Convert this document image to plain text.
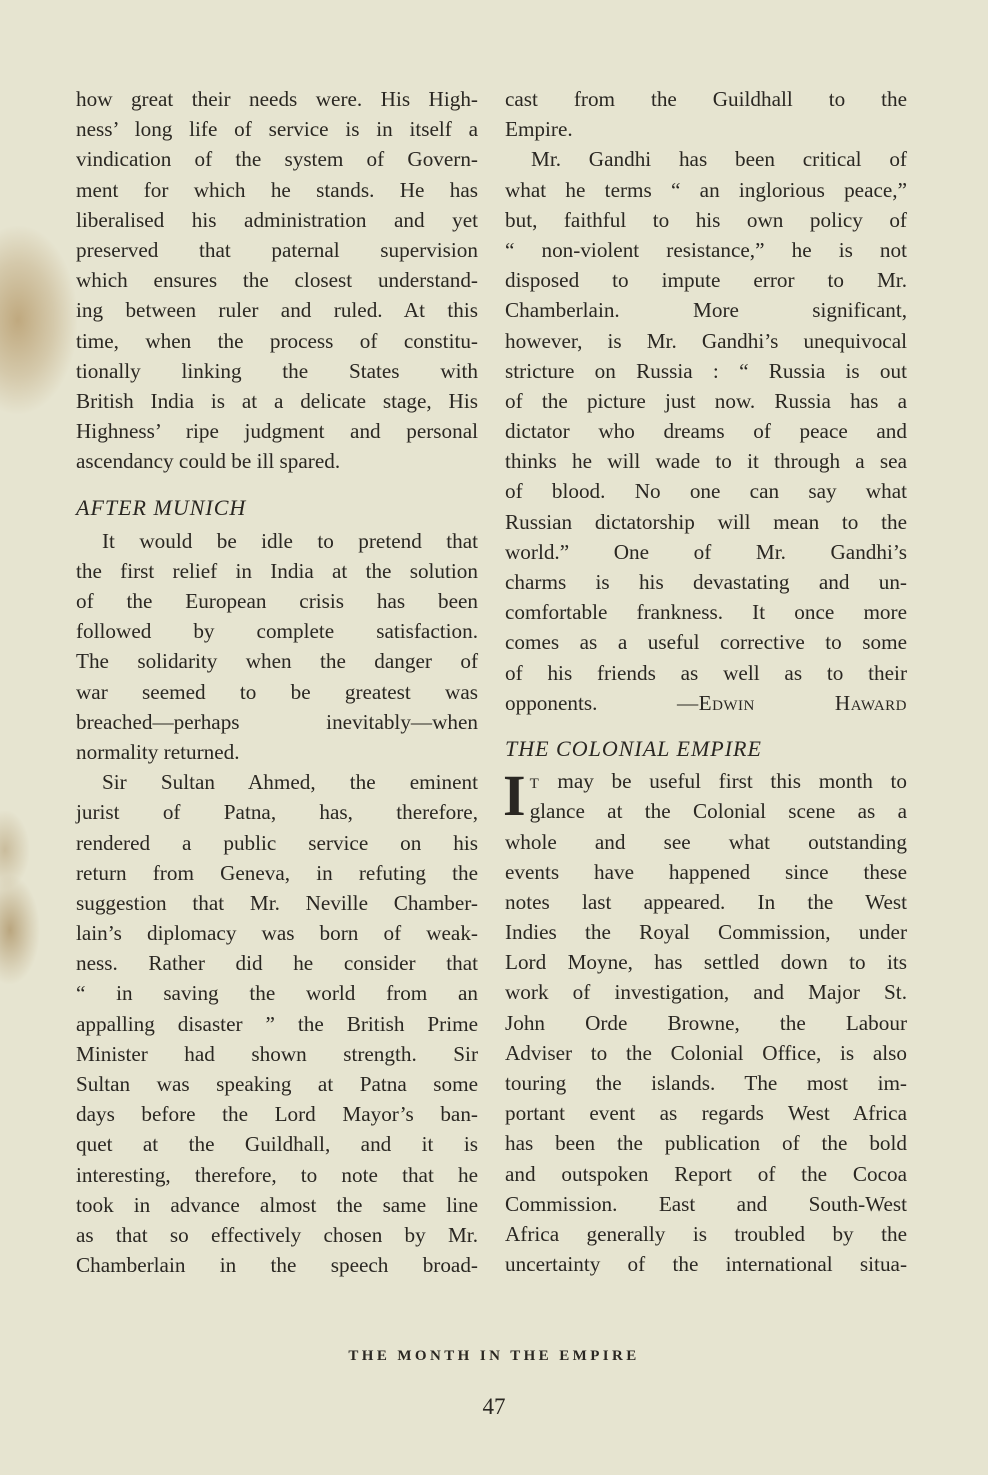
how great their needs were. His High-
ness’ long life of service is in itself a
vindication of the system of Govern-
ment for which he stands. He has
liberalised his administration and yet
preserved that paternal supervision
which ensures the closest understand-
ing between ruler and ruled. At this
time, when the process of constitu-
tionally linking the States with
British India is at a delicate stage, His
Highness’ ripe judgment and personal
ascendancy could be ill spared.
AFTER MUNICH
It would be idle to pretend that
the first relief in India at the solution
of the European crisis has been
followed by complete satisfaction.
The solidarity when the danger of
war seemed to be greatest was
breached—perhaps inevitably—when
normality returned.
Sir Sultan Ahmed, the eminent
jurist of Patna, has, therefore,
rendered a public service on his
return from Geneva, in refuting the
suggestion that Mr. Neville Chamber-
lain’s diplomacy was born of weak-
ness. Rather did he consider that
“ in saving the world from an
appalling disaster ” the British Prime
Minister had shown strength. Sir
Sultan was speaking at Patna some
days before the Lord Mayor’s ban-
quet at the Guildhall, and it is
interesting, therefore, to note that he
took in advance almost the same line
as that so effectively chosen by Mr.
Chamberlain in the speech broad-
cast from the Guildhall to the
Empire.
Mr. Gandhi has been critical of
what he terms “ an inglorious peace,”
but, faithful to his own policy of
“ non-violent resistance,” he is not
disposed to impute error to Mr.
Chamberlain. More significant,
however, is Mr. Gandhi’s unequivocal
stricture on Russia : “ Russia is out
of the picture just now. Russia has a
dictator who dreams of peace and
thinks he will wade to it through a sea
of blood. No one can say what
Russian dictatorship will mean to the
world.” One of Mr. Gandhi’s
charms is his devastating and un-
comfortable frankness. It once more
comes as a useful corrective to some
of his friends as well as to their
opponents.	—Edwin Haward
THE COLONIAL EMPIRE
I T may be useful first this month to
glance at the Colonial scene as a
whole and see what outstanding
events have happened since these
notes last appeared. In the West
Indies the Royal Commission, under
Lord Moyne, has settled down to its
work of investigation, and Major St.
John Orde Browne, the Labour
Adviser to the Colonial Office, is also
touring the islands. The most im-
portant event as regards West Africa
has been the publication of the bold
and outspoken Report of the Cocoa
Commission. East and South-West
Africa generally is troubled by the
uncertainty of the international situa-
THE MONTH IN THE EMPIRE
47
